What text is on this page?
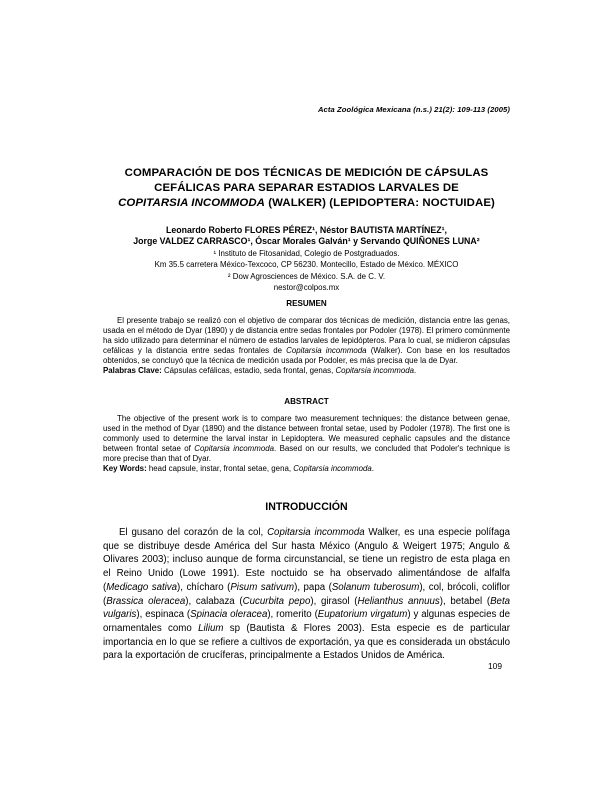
Acta Zoológica Mexicana (n.s.) 21(2): 109-113 (2005)
COMPARACIÓN DE DOS TÉCNICAS DE MEDICIÓN DE CÁPSULAS
CEFÁLICAS PARA SEPARAR ESTADIOS LARVALES DE
COPITARSIA INCOMMODA (WALKER) (LEPIDOPTERA: NOCTUIDAE)
Leonardo Roberto FLORES PÉREZ¹, Néstor BAUTISTA MARTÍNEZ¹,
Jorge VALDEZ CARRASCO¹, Óscar Morales Galván¹ y Servando QUIÑONES LUNA²
¹ Instituto de Fitosanidad, Colegio de Postgraduados.
Km 35.5 carretera México-Texcoco, CP 56230. Montecillo, Estado de México. MÉXICO
² Dow Agrosciences de México. S.A. de C. V.
nestor@colpos.mx
RESUMEN

El presente trabajo se realizó con el objetivo de comparar dos técnicas de medición, distancia entre las genas, usada en el método de Dyar (1890) y de distancia entre sedas frontales por Podoler (1978). El primero comúnmente ha sido utilizado para determinar el número de estadios larvales de lepidópteros. Para lo cual, se midieron cápsulas cefálicas y la distancia entre sedas frontales de Copitarsia incommoda (Walker). Con base en los resultados obtenidos, se concluyó que la técnica de medición usada por Podoler, es más precisa que la de Dyar.

Palabras Clave: Cápsulas cefálicas, estadio, seda frontal, genas, Copitarsia incommoda.

ABSTRACT

The objective of the present work is to compare two measurement techniques: the distance between genae, used in the method of Dyar (1890) and the distance between frontal setae, used by Podoler (1978). The first one is commonly used to determine the larval instar in Lepidoptera. We measured cephalic capsules and the distance between frontal setae of Copitarsia incommoda. Based on our results, we concluded that Podoler's technique is more precise than that of Dyar.

Key Words: head capsule, instar, frontal setae, gena, Copitarsia incommoda.

INTRODUCCIÓN

El gusano del corazón de la col, Copitarsia incommoda Walker, es una especie polífaga que se distribuye desde América del Sur hasta México (Angulo & Weigert 1975; Angulo & Olivares 2003); incluso aunque de forma circunstancial, se tiene un registro de esta plaga en el Reino Unido (Lowe 1991). Este noctuido se ha observado alimentándose de alfalfa (Medicago sativa), chícharo (Pisum sativum), papa (Solanum tuberosum), col, brócoli, coliflor (Brassica oleracea), calabaza (Cucurbita pepo), girasol (Helianthus annuus), betabel (Beta vulgaris), espinaca (Spinacia oleracea), romerito (Eupatorium virgatum) y algunas especies de ornamentales como Lilium sp (Bautista & Flores 2003). Esta especie es de particular importancia en lo que se refiere a cultivos de exportación, ya que es considerada un obstáculo para la exportación de crucíferas, principalmente a Estados Unidos de América.

109
